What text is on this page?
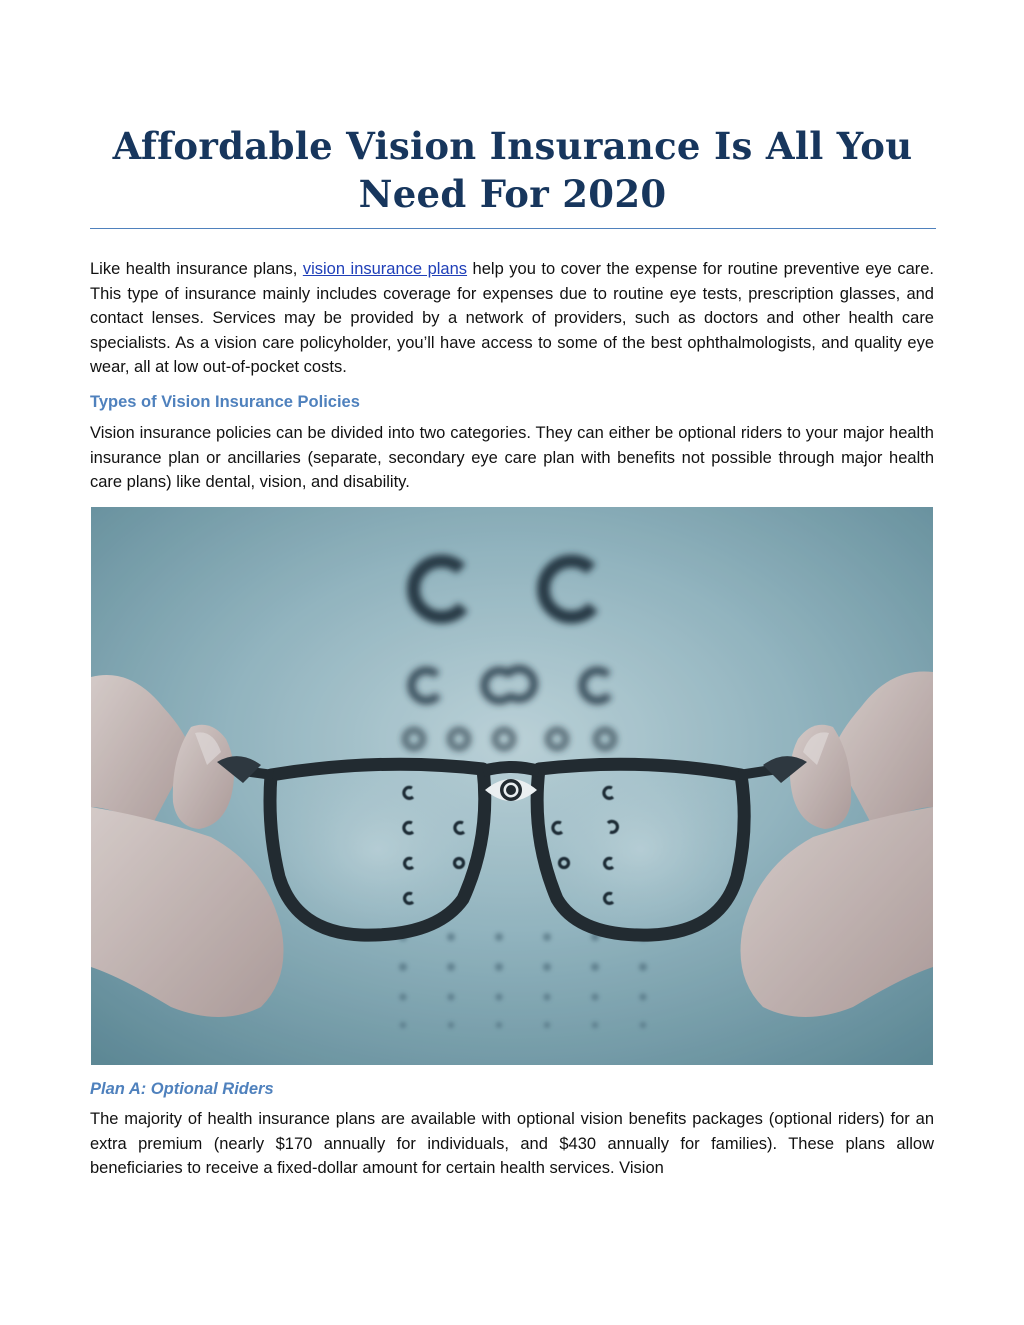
Affordable Vision Insurance Is All You Need For 2020

Like health insurance plans, vision insurance plans help you to cover the expense for routine preventive eye care. This type of insurance mainly includes coverage for expenses due to routine eye tests, prescription glasses, and contact lenses. Services may be provided by a network of providers, such as doctors and other health care specialists. As a vision care policyholder, you’ll have access to some of the best ophthalmologists, and quality eye wear, all at low out-of-pocket costs.

Types of Vision Insurance Policies

Vision insurance policies can be divided into two categories. They can either be optional riders to your major health insurance plan or ancillaries (separate, secondary eye care plan with benefits not possible through major health care plans) like dental, vision, and disability.

Plan A: Optional Riders

The majority of health insurance plans are available with optional vision benefits packages (optional riders) for an extra premium (nearly $170 annually for individuals, and $430 annually for families). These plans allow beneficiaries to receive a fixed-dollar amount for certain health services. Vision
